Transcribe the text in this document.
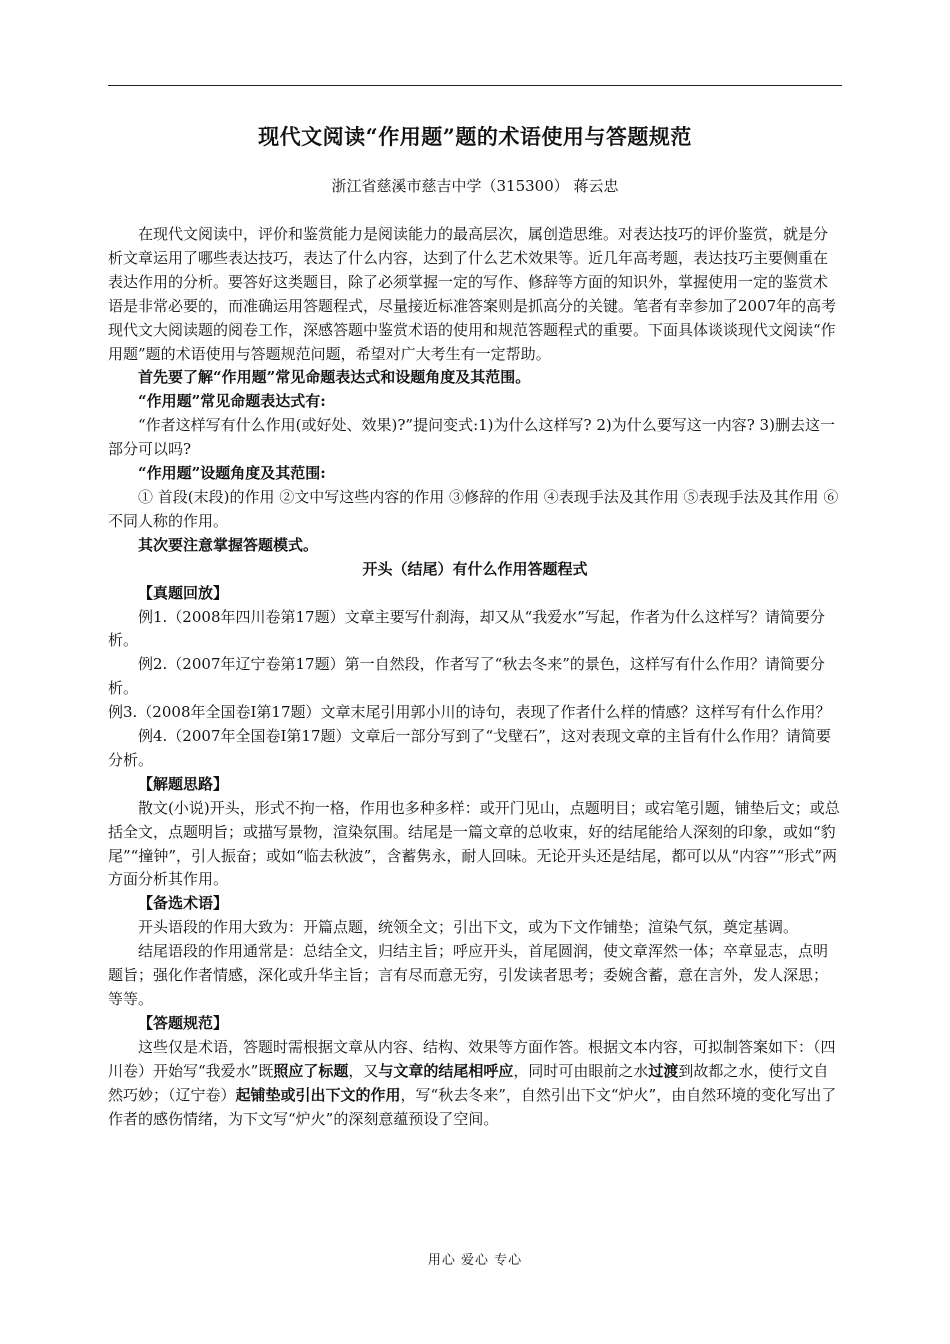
现代文阅读“作用题”题的术语使用与答题规范
浙江省慈溪市慈吉中学（315300） 蒋云忠

在现代文阅读中，评价和鉴赏能力是阅读能力的最高层次，属创造思维。对表达技巧的评价鉴赏，就是分析文章运用了哪些表达技巧，表达了什么内容，达到了什么艺术效果等。近几年高考题，表达技巧主要侧重在表达作用的分析。要答好这类题目，除了必须掌握一定的写作、修辞等方面的知识外，掌握使用一定的鉴赏术语是非常必要的，而准确运用答题程式，尽量接近标准答案则是抓高分的关键。笔者有幸参加了2007年的高考现代文大阅读题的阅卷工作，深感答题中鉴赏术语的使用和规范答题程式的重要。下面具体谈谈现代文阅读“作用题”题的术语使用与答题规范问题，希望对广大考生有一定帮助。

首先要了解“作用题”常见命题表达式和设题角度及其范围。

“作用题”常见命题表达式有:

“作者这样写有什么作用(或好处、效果)?”提问变式:1)为什么这样写? 2)为什么要写这一内容? 3)删去这一部分可以吗?

“作用题”设题角度及其范围:

① 首段(末段)的作用 ②文中写这些内容的作用 ③修辞的作用 ④表现手法及其作用 ⑤表现手法及其作用 ⑥不同人称的作用。

其次要注意掌握答题模式。

开头（结尾）有什么作用答题程式

【真题回放】

例1.（2008年四川卷第17题）文章主要写什刹海，却又从“我爱水”写起，作者为什么这样写？请简要分析。

例2.（2007年辽宁卷第17题）第一自然段，作者写了“秋去冬来”的景色，这样写有什么作用？请简要分析。

例3.（2008年全国卷Ⅰ第17题）文章末尾引用郭小川的诗句，表现了作者什么样的情感？这样写有什么作用？

例4.（2007年全国卷Ⅰ第17题）文章后一部分写到了“戈壁石”，这对表现文章的主旨有什么作用？请简要分析。

【解题思路】

散文(小说)开头，形式不拘一格，作用也多种多样：或开门见山，点题明目；或宕笔引题，铺垫后文；或总括全文，点题明旨；或描写景物，渲染氛围。结尾是一篇文章的总收束，好的结尾能给人深刻的印象，或如“豹尾”“撞钟”，引人振奋；或如“临去秋波”，含蓄隽永，耐人回味。无论开头还是结尾，都可以从“内容”“形式”两方面分析其作用。

【备选术语】

开头语段的作用大致为：开篇点题，统领全文；引出下文，或为下文作铺垫；渲染气氛，奠定基调。

结尾语段的作用通常是：总结全文，归结主旨；呼应开头，首尾圆润，使文章浑然一体；卒章显志，点明题旨；强化作者情感，深化或升华主旨；言有尽而意无穷，引发读者思考；委婉含蓄，意在言外，发人深思；等等。

【答题规范】

这些仅是术语，答题时需根据文章从内容、结构、效果等方面作答。根据文本内容，可拟制答案如下：（四川卷）开始写“我爱水”既照应了标题，又与文章的结尾相呼应，同时可由眼前之水过渡到故都之水，使行文自然巧妙；（辽宁卷）起铺垫或引出下文的作用，写“秋去冬来”，自然引出下文“炉火”，由自然环境的变化写出了作者的感伤情绪，为下文写“炉火”的深刻意蕴预设了空间。

用心 爱心 专心
